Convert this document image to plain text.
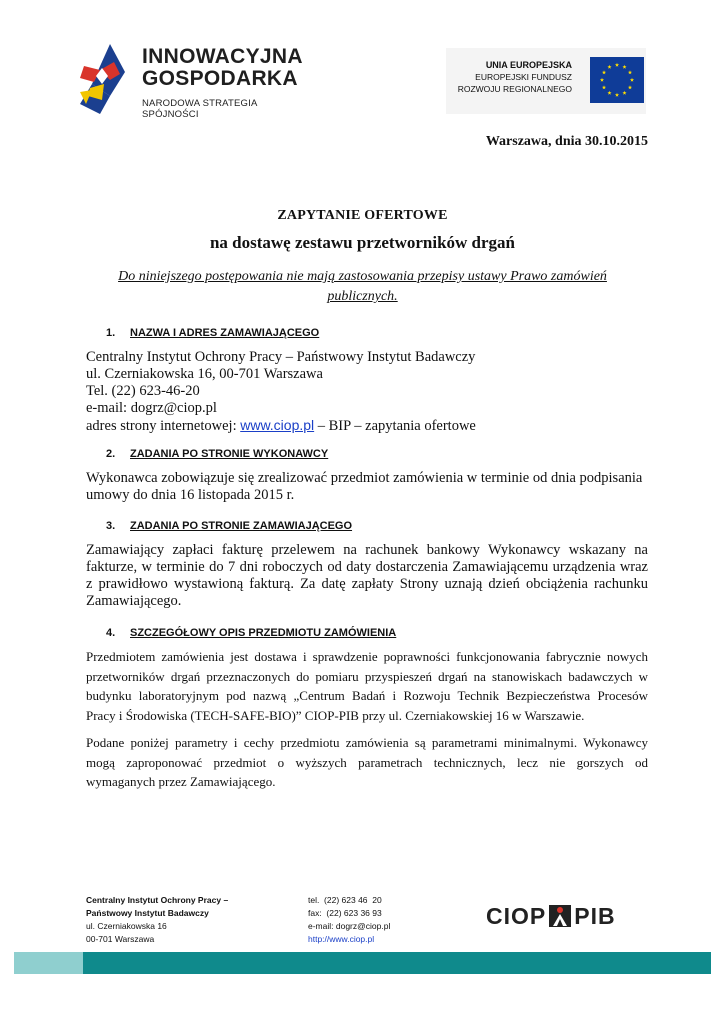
INNOWACYJNA
GOSPODARKA
NARODOWA STRATEGIA SPÓJNOŚCI
UNIA EUROPEJSKA
EUROPEJSKI FUNDUSZ
ROZWOJU REGIONALNEGO
Warszawa, dnia 30.10.2015
ZAPYTANIE OFERTOWE
na dostawę zestawu przetworników drgań
Do niniejszego postępowania nie mają zastosowania przepisy ustawy Prawo zamówień
publicznych.
1. NAZWA I ADRES ZAMAWIAJĄCEGO
Centralny Instytut Ochrony Pracy – Państwowy Instytut Badawczy
ul. Czerniakowska 16, 00-701 Warszawa
Tel. (22) 623-46-20
e-mail: dogrz@ciop.pl
adres strony internetowej: www.ciop.pl – BIP – zapytania ofertowe
2. ZADANIA PO STRONIE WYKONAWCY
Wykonawca zobowiązuje się zrealizować przedmiot zamówienia w terminie od dnia podpisania
umowy do dnia 16 listopada 2015 r.
3. ZADANIA PO STRONIE ZAMAWIAJĄCEGO
Zamawiający zapłaci fakturę przelewem na rachunek bankowy Wykonawcy wskazany na
fakturze, w terminie do 7 dni roboczych od daty dostarczenia Zamawiającemu urządzenia wraz
z prawidłowo wystawioną fakturą. Za datę zapłaty Strony uznają dzień obciążenia rachunku
Zamawiającego.
4. SZCZEGÓŁOWY OPIS PRZEDMIOTU ZAMÓWIENIA
Przedmiotem zamówienia jest dostawa i sprawdzenie poprawności funkcjonowania fabrycznie nowych
przetworników drgań przeznaczonych do pomiaru przyspieszeń drgań na stanowiskach badawczych w
budynku laboratoryjnym pod nazwą „Centrum Badań i Rozwoju Technik Bezpieczeństwa Procesów
Pracy i Środowiska (TECH-SAFE-BIO)” CIOP-PIB przy ul. Czerniakowskiej 16 w Warszawie.
Podane poniżej parametry i cechy przedmiotu zamówienia są parametrami minimalnymi. Wykonawcy
mogą zaproponować przedmiot o wyższych parametrach technicznych, lecz nie gorszych od
wymaganych przez Zamawiającego.
Centralny Instytut Ochrony Pracy –
Państwowy Instytut Badawczy
ul. Czerniakowska 16
00-701 Warszawa
tel.  (22) 623 46  20
fax:  (22) 623 36 93
e-mail: dogrz@ciop.pl
http://www.ciop.pl
CIOP PIB
